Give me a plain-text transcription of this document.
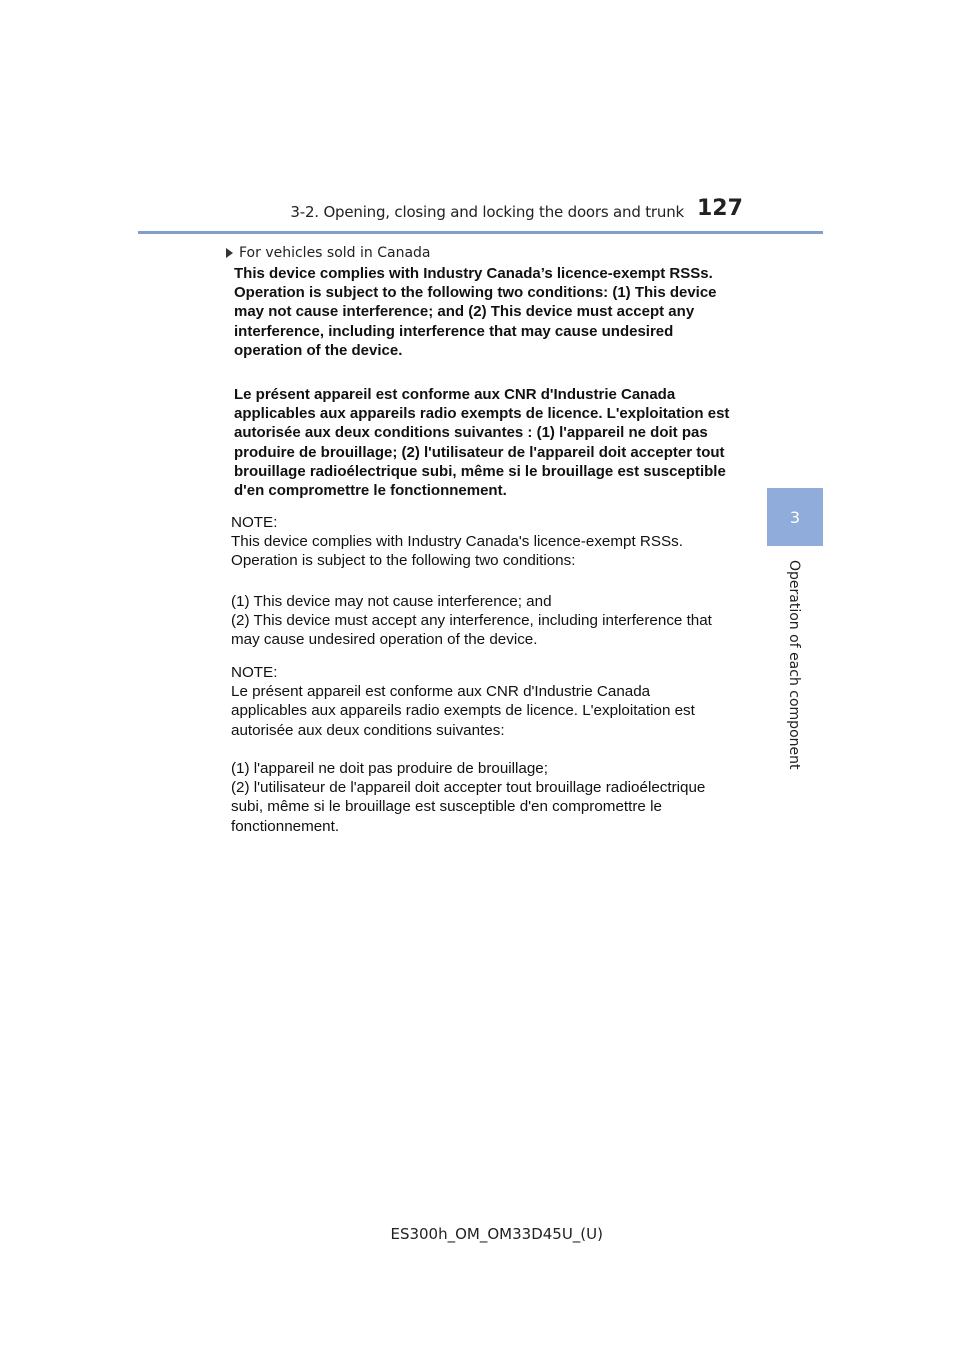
3-2. Opening, closing and locking the doors and trunk 127
3
Operation of each component
For vehicles sold in Canada
This device complies with Industry Canada’s licence-exempt RSSs.
Operation is subject to the following two conditions: (1) This device
may not cause interference; and (2) This device must accept any
interference, including interference that may cause undesired
operation of the device.
Le présent appareil est conforme aux CNR d'Industrie Canada
applicables aux appareils radio exempts de licence. L'exploitation est
autorisée aux deux conditions suivantes : (1) l'appareil ne doit pas
produire de brouillage; (2) l'utilisateur de l'appareil doit accepter tout
brouillage radioélectrique subi, même si le brouillage est susceptible
d'en compromettre le fonctionnement.
NOTE:
This device complies with Industry Canada's licence-exempt RSSs.
Operation is subject to the following two conditions:
(1) This device may not cause interference; and
(2) This device must accept any interference, including interference that
may cause undesired operation of the device.
NOTE:
Le présent appareil est conforme aux CNR d'Industrie Canada
applicables aux appareils radio exempts de licence. L'exploitation est
autorisée aux deux conditions suivantes:
(1) l'appareil ne doit pas produire de brouillage;
(2) l'utilisateur de l'appareil doit accepter tout brouillage radioélectrique
subi, même si le brouillage est susceptible d'en compromettre le
fonctionnement.
ES300h_OM_OM33D45U_(U)
